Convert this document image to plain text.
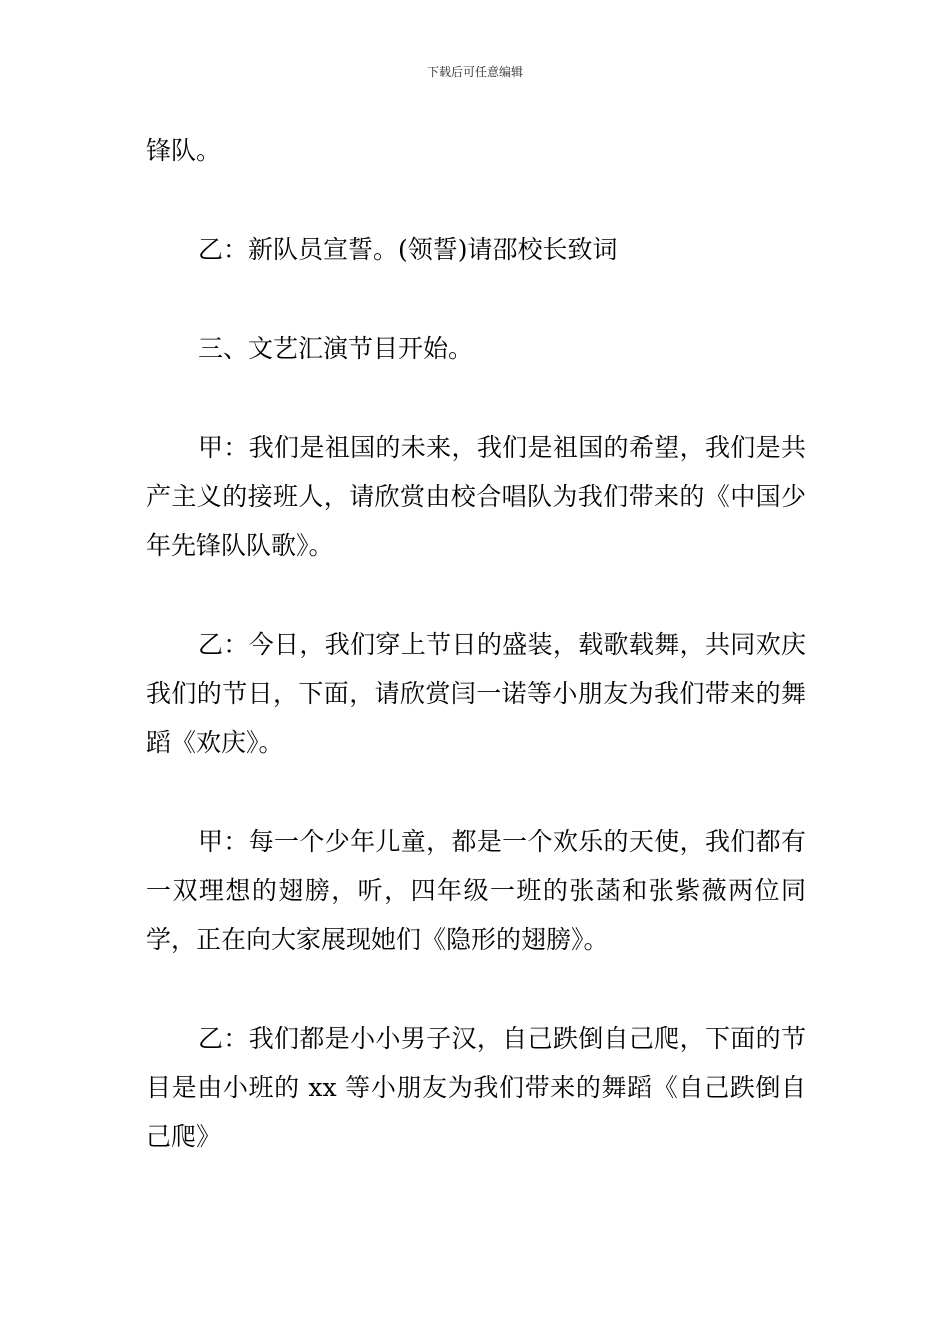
下载后可任意编辑

锋队。

乙：新队员宣誓。(领誓)请邵校长致词

三、文艺汇演节目开始。

甲：我们是祖国的未来，我们是祖国的希望，我们是共产主义的接班人，请欣赏由校合唱队为我们带来的《中国少年先锋队队歌》。

乙：今日，我们穿上节日的盛装，载歌载舞，共同欢庆我们的节日，下面，请欣赏闫一诺等小朋友为我们带来的舞蹈《欢庆》。

甲：每一个少年儿童，都是一个欢乐的天使，我们都有一双理想的翅膀，听，四年级一班的张菡和张紫薇两位同学，正在向大家展现她们《隐形的翅膀》。

乙：我们都是小小男子汉，自己跌倒自己爬，下面的节目是由小班的 xx 等小朋友为我们带来的舞蹈《自己跌倒自己爬》
